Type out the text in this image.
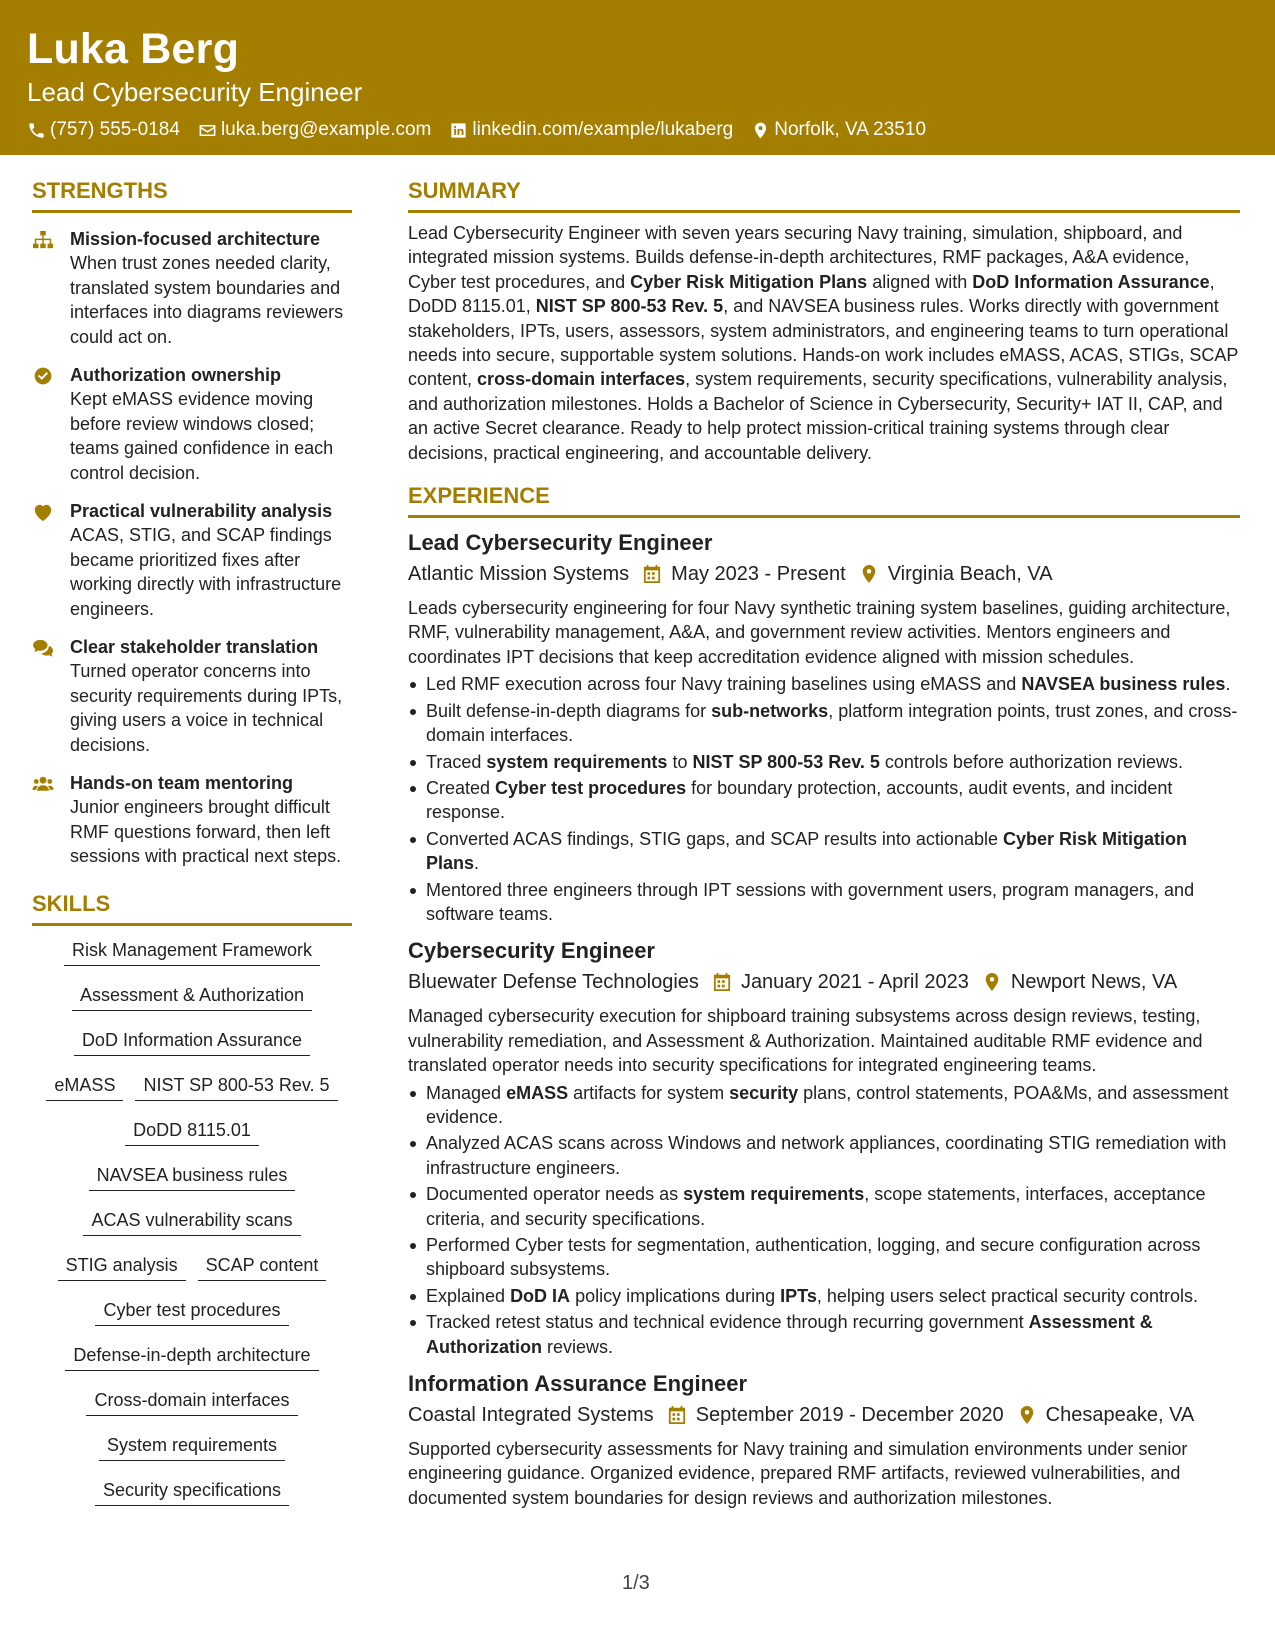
Luka Berg
Lead Cybersecurity Engineer
(757) 555-0184 luka.berg@example.com linkedin.com/example/lukaberg Norfolk, VA 23510
STRENGTHS
Mission-focused architecture
When trust zones needed clarity, translated system boundaries and interfaces into diagrams reviewers could act on.
Authorization ownership
Kept eMASS evidence moving before review windows closed; teams gained confidence in each control decision.
Practical vulnerability analysis
ACAS, STIG, and SCAP findings became prioritized fixes after working directly with infrastructure engineers.
Clear stakeholder translation
Turned operator concerns into security requirements during IPTs, giving users a voice in technical decisions.
Hands-on team mentoring
Junior engineers brought difficult RMF questions forward, then left sessions with practical next steps.
SKILLS
Risk Management Framework
Assessment & Authorization
DoD Information Assurance
eMASS	NIST SP 800-53 Rev. 5
DoDD 8115.01
NAVSEA business rules
ACAS vulnerability scans
STIG analysis	SCAP content
Cyber test procedures
Defense-in-depth architecture
Cross-domain interfaces
System requirements
Security specifications
SUMMARY
Lead Cybersecurity Engineer with seven years securing Navy training, simulation, shipboard, and integrated mission systems. Builds defense-in-depth architectures, RMF packages, A&A evidence, Cyber test procedures, and Cyber Risk Mitigation Plans aligned with DoD Information Assurance, DoDD 8115.01, NIST SP 800-53 Rev. 5, and NAVSEA business rules. Works directly with government stakeholders, IPTs, users, assessors, system administrators, and engineering teams to turn operational needs into secure, supportable system solutions. Hands-on work includes eMASS, ACAS, STIGs, SCAP content, cross-domain interfaces, system requirements, security specifications, vulnerability analysis, and authorization milestones. Holds a Bachelor of Science in Cybersecurity, Security+ IAT II, CAP, and an active Secret clearance. Ready to help protect mission-critical training systems through clear decisions, practical engineering, and accountable delivery.
EXPERIENCE
Lead Cybersecurity Engineer
Atlantic Mission Systems May 2023 - Present Virginia Beach, VA
Leads cybersecurity engineering for four Navy synthetic training system baselines, guiding architecture, RMF, vulnerability management, A&A, and government review activities. Mentors engineers and coordinates IPT decisions that keep accreditation evidence aligned with mission schedules.
Led RMF execution across four Navy training baselines using eMASS and NAVSEA business rules.
Built defense-in-depth diagrams for sub-networks, platform integration points, trust zones, and cross-domain interfaces.
Traced system requirements to NIST SP 800-53 Rev. 5 controls before authorization reviews.
Created Cyber test procedures for boundary protection, accounts, audit events, and incident response.
Converted ACAS findings, STIG gaps, and SCAP results into actionable Cyber Risk Mitigation Plans.
Mentored three engineers through IPT sessions with government users, program managers, and software teams.
Cybersecurity Engineer
Bluewater Defense Technologies January 2021 - April 2023 Newport News, VA
Managed cybersecurity execution for shipboard training subsystems across design reviews, testing, vulnerability remediation, and Assessment & Authorization. Maintained auditable RMF evidence and translated operator needs into security specifications for integrated engineering teams.
Managed eMASS artifacts for system security plans, control statements, POA&Ms, and assessment evidence.
Analyzed ACAS scans across Windows and network appliances, coordinating STIG remediation with infrastructure engineers.
Documented operator needs as system requirements, scope statements, interfaces, acceptance criteria, and security specifications.
Performed Cyber tests for segmentation, authentication, logging, and secure configuration across shipboard subsystems.
Explained DoD IA policy implications during IPTs, helping users select practical security controls.
Tracked retest status and technical evidence through recurring government Assessment & Authorization reviews.
Information Assurance Engineer
Coastal Integrated Systems September 2019 - December 2020 Chesapeake, VA
Supported cybersecurity assessments for Navy training and simulation environments under senior engineering guidance. Organized evidence, prepared RMF artifacts, reviewed vulnerabilities, and documented system boundaries for design reviews and authorization milestones.
1/3
